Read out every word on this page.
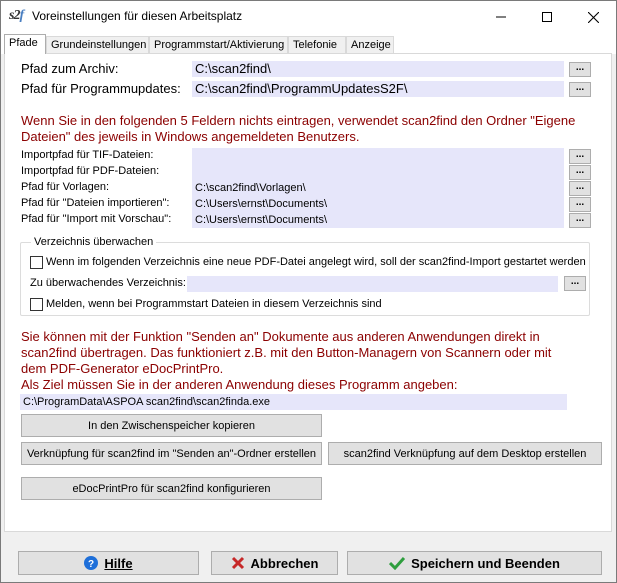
s2f Voreinstellungen für diesen Arbeitsplatz
Pfade	Grundeinstellungen Programmstart/Aktivierung Telefonie	Anzeige
Pfad zum Archiv:	C:\scan2find\	...
Pfad für Programmupdates: C:\scan2find\ProgrammUpdatesS2F\	...
Wenn Sie in den folgenden 5 Feldern nichts eintragen, verwendet scan2find den Ordner "Eigene Dateien" des jeweils in Windows angemeldeten Benutzers.
Importpfad für TIF-Dateien:	...
Importpfad für PDF-Dateien:	...
Pfad für Vorlagen:	C:\scan2find\Vorlagen\	...
Pfad für "Dateien importieren": C:\Users\ernst\Documents\	...
Pfad für "Import mit Vorschau": C:\Users\ernst\Documents\	...
Verzeichnis überwachen
Wenn im folgenden Verzeichnis eine neue PDF-Datei angelegt wird, soll der scan2find-Import gestartet werden
Zu überwachendes Verzeichnis:	...
Melden, wenn bei Programmstart Dateien in diesem Verzeichnis sind
Sie können mit der Funktion "Senden an" Dokumente aus anderen Anwendungen direkt in scan2find übertragen. Das funktioniert z.B. mit den Button-Managern von Scannern oder mit dem PDF-Generator eDocPrintPro.
Als Ziel müssen Sie in der anderen Anwendung dieses Programm angeben:
C:\ProgramData\ASPOA scan2find\scan2finda.exe
In den Zwischenspeicher kopieren
Verknüpfung für scan2find im "Senden an"-Ordner erstellen	scan2find Verknüpfung auf dem Desktop erstellen
eDocPrintPro für scan2find konfigurieren
? Hilfe	Abbrechen	Speichern und Beenden
